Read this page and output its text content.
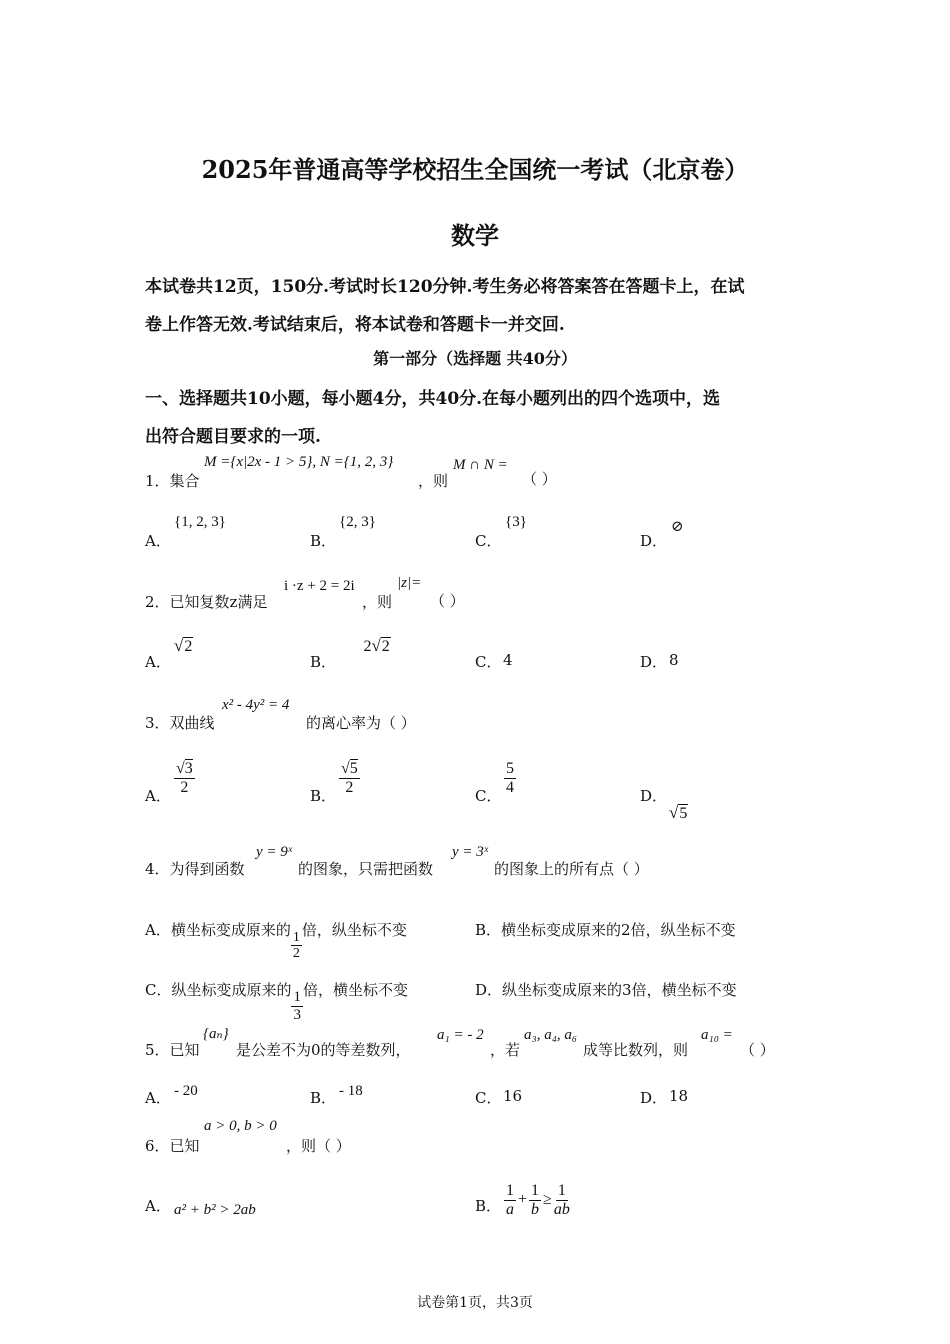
2025年普通高等学校招生全国统一考试（北京卷）
数学
本试卷共12页，150分.考试时长120分钟.考生务必将答案答在答题卡上，在试
卷上作答无效.考试结束后，将本试卷和答题卡一并交回.
第一部分（选择题 共40分）
一、选择题共10小题，每小题4分，共40分.在每小题列出的四个选项中，选
出符合题目要求的一项.
1．集合
M ={x|2x - 1 > 5}, N ={1, 2, 3}
，则
M ∩ N =
（ ）
A．
{1, 2, 3}
B．
{2, 3}
C．
{3}
D．
⊘
2．已知复数z满足
i ·z + 2 = 2i
，则
|z|=
（ ）
A．
√2
B．
2√2
C． 4	D． 8
3．双曲线
x² - 4y² = 4
的离心率为（ ）
A． $\frac{√3}{2}$	B． $\frac{√5}{2}$	C． $\frac{5}{4}$	D．
√5
4．为得到函数
y = 9ˣ
的图象，只需把函数
y = 3ˣ
的图象上的所有点（ ）
A．横坐标变成原来的 $\frac{1}{2}$ 倍，纵坐标不变	B．横坐标变成原来的2倍，纵坐标不变
C．纵坐标变成原来的 $\frac{1}{3}$ 倍，横坐标不变	D．纵坐标变成原来的3倍，横坐标不变
5．已知
{aₙ}
是公差不为0的等差数列，
a₁ = - 2
，若
a₃, a₄, a₆
成等比数列，则
a₁₀ =
（ ）
A． - 20	B． - 18	C． 16	D． 18
6．已知
a > 0, b > 0
，则（ ）
A． a² + b² > 2ab	B． $\frac{1}{a} + \frac{1}{b} \ge \frac{1}{ab}$
试卷第1页，共3页
